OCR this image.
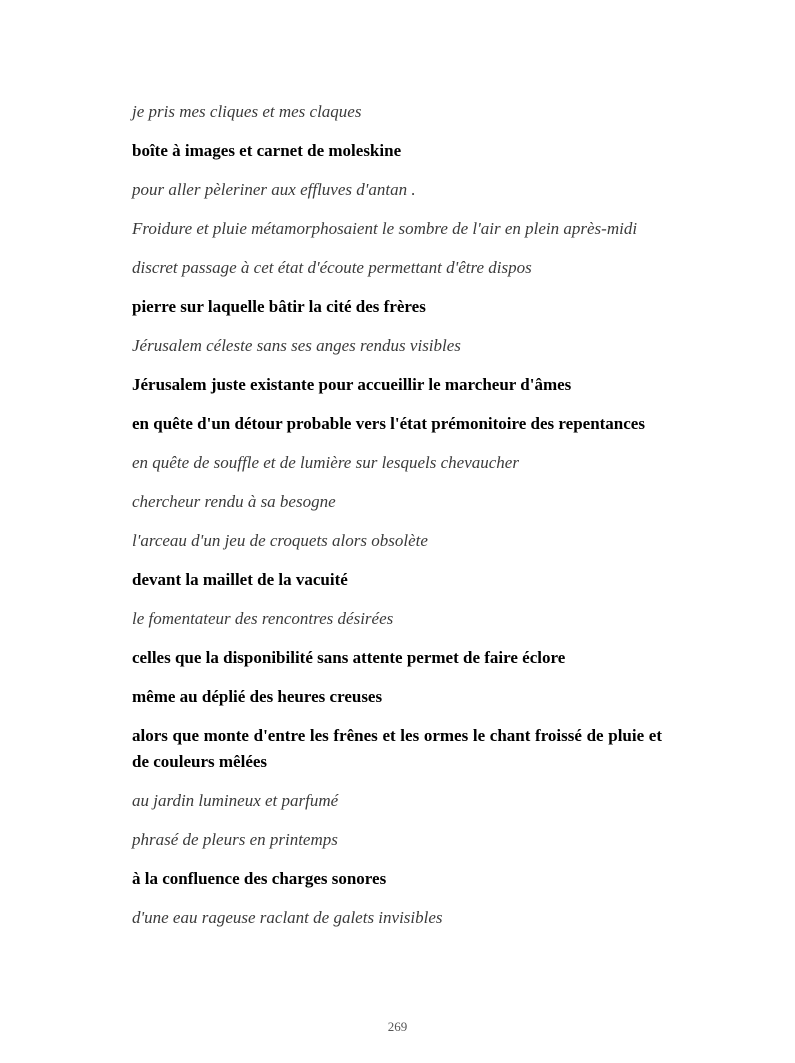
je pris mes cliques et mes claques

boîte à images et carnet de moleskine

pour aller pèleriner aux effluves d'antan .

Froidure et pluie métamorphosaient le sombre de l'air en plein après-midi

discret passage à cet état d'écoute permettant d'être dispos

pierre sur laquelle bâtir la cité des frères

Jérusalem céleste sans ses anges rendus visibles

Jérusalem juste existante pour accueillir le marcheur d'âmes

en quête d'un détour probable vers l'état prémonitoire des repentances

en quête de souffle et de lumière sur lesquels chevaucher

chercheur rendu à sa besogne

l'arceau d'un jeu de croquets alors obsolète

devant la maillet de la vacuité

le fomentateur des rencontres désirées

celles que la disponibilité sans attente permet de faire éclore

même au déplié des heures creuses

alors que monte d'entre les frênes et les ormes le chant froissé de pluie et de couleurs mêlées

au jardin lumineux et parfumé

phrasé de pleurs en printemps

à la confluence des charges sonores

d'une eau rageuse raclant de galets invisibles

269
